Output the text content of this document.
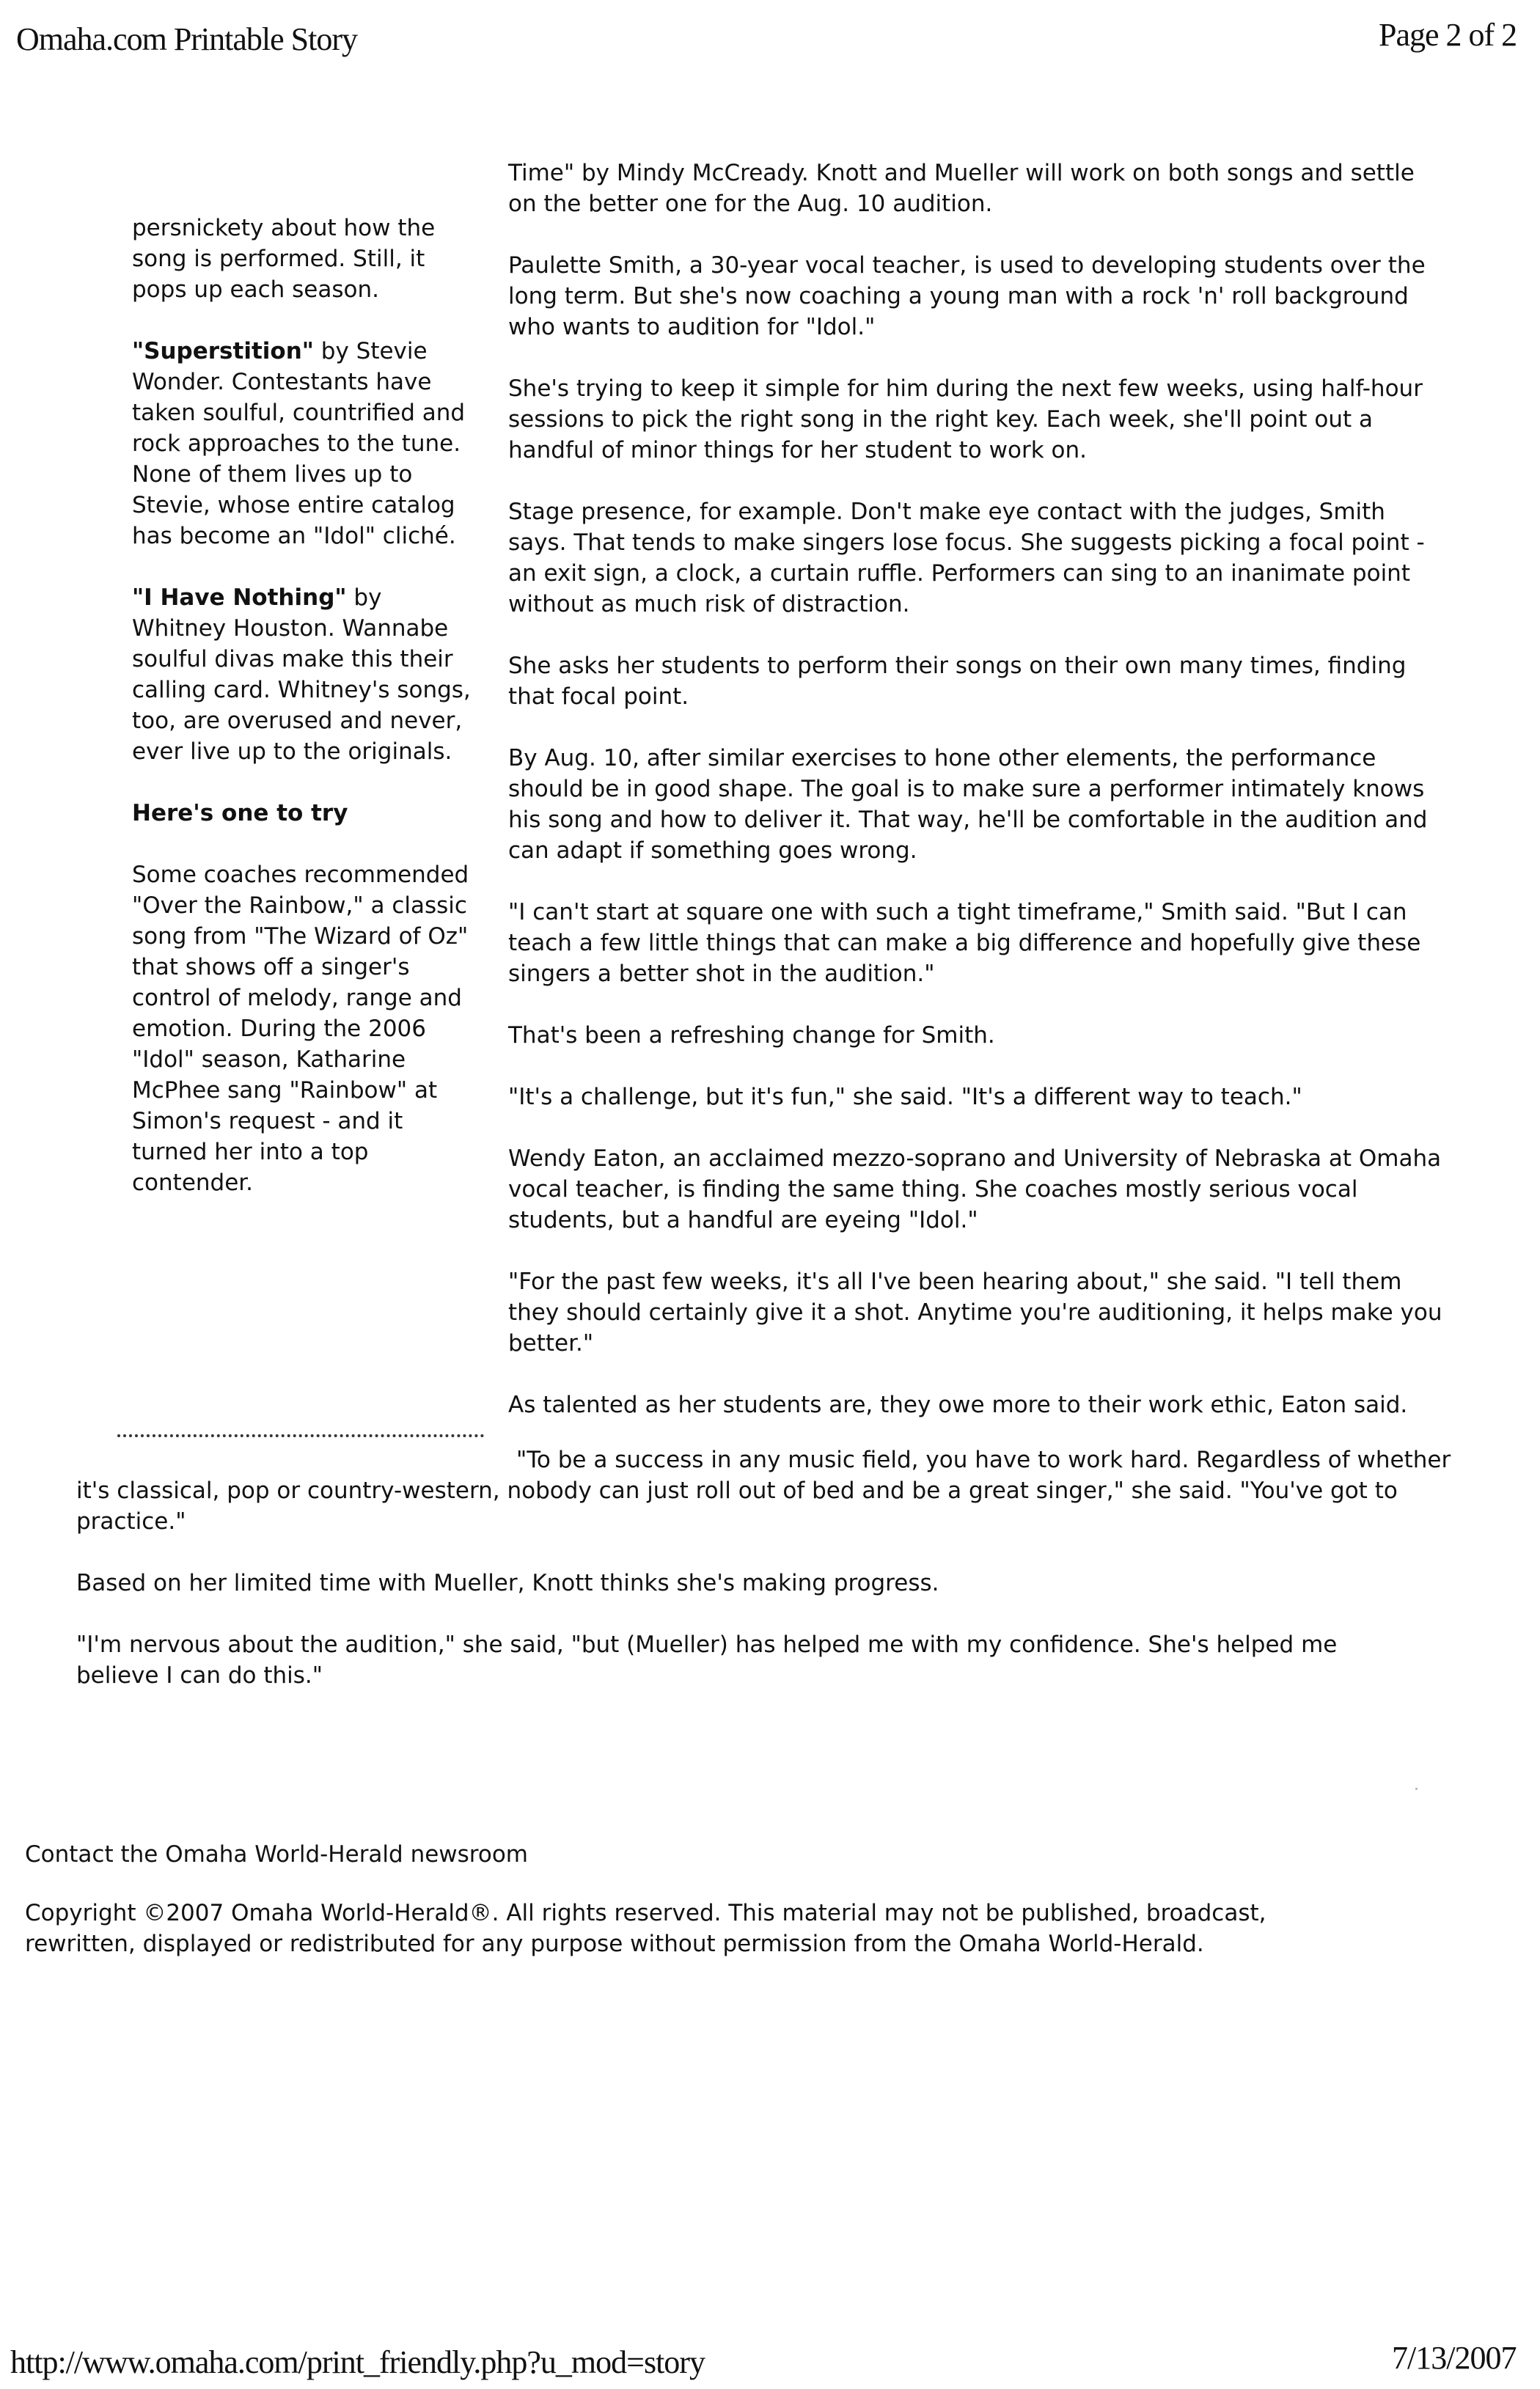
Omaha.com Printable Story	Page 2 of 2

persnickety about how the song is performed. Still, it pops up each season.

"Superstition" by Stevie Wonder. Contestants have taken soulful, countrified and rock approaches to the tune. None of them lives up to Stevie, whose entire catalog has become an "Idol" cliché.

"I Have Nothing" by Whitney Houston. Wannabe soulful divas make this their calling card. Whitney's songs, too, are overused and never, ever live up to the originals.

Here's one to try

Some coaches recommended "Over the Rainbow," a classic song from "The Wizard of Oz" that shows off a singer's control of melody, range and emotion. During the 2006 "Idol" season, Katharine McPhee sang "Rainbow" at Simon's request - and it turned her into a top contender.

Time" by Mindy McCready. Knott and Mueller will work on both songs and settle
on the better one for the Aug. 10 audition.

Paulette Smith, a 30-year vocal teacher, is used to developing students over the
long term. But she's now coaching a young man with a rock 'n' roll background
who wants to audition for "Idol."

She's trying to keep it simple for him during the next few weeks, using half-hour
sessions to pick the right song in the right key. Each week, she'll point out a
handful of minor things for her student to work on.

Stage presence, for example. Don't make eye contact with the judges, Smith
says. That tends to make singers lose focus. She suggests picking a focal point -
an exit sign, a clock, a curtain ruffle. Performers can sing to an inanimate point
without as much risk of distraction.

She asks her students to perform their songs on their own many times, finding
that focal point.

By Aug. 10, after similar exercises to hone other elements, the performance
should be in good shape. The goal is to make sure a performer intimately knows
his song and how to deliver it. That way, he'll be comfortable in the audition and
can adapt if something goes wrong.

"I can't start at square one with such a tight timeframe," Smith said. "But I can
teach a few little things that can make a big difference and hopefully give these
singers a better shot in the audition."

That's been a refreshing change for Smith.

"It's a challenge, but it's fun," she said. "It's a different way to teach."

Wendy Eaton, an acclaimed mezzo-soprano and University of Nebraska at Omaha
vocal teacher, is finding the same thing. She coaches mostly serious vocal
students, but a handful are eyeing "Idol."

"For the past few weeks, it's all I've been hearing about," she said. "I tell them
they should certainly give it a shot. Anytime you're auditioning, it helps make you
better."

As talented as her students are, they owe more to their work ethic, Eaton said.

"To be a success in any music field, you have to work hard. Regardless of whether
it's classical, pop or country-western, nobody can just roll out of bed and be a great singer," she said. "You've got to
practice."

Based on her limited time with Mueller, Knott thinks she's making progress.

"I'm nervous about the audition," she said, "but (Mueller) has helped me with my confidence. She's helped me
believe I can do this."

Contact the Omaha World-Herald newsroom
Copyright ©2007 Omaha World-Herald®. All rights reserved. This material may not be published, broadcast,
rewritten, displayed or redistributed for any purpose without permission from the Omaha World-Herald.
http://www.omaha.com/print_friendly.php?u_mod=story	7/13/2007
